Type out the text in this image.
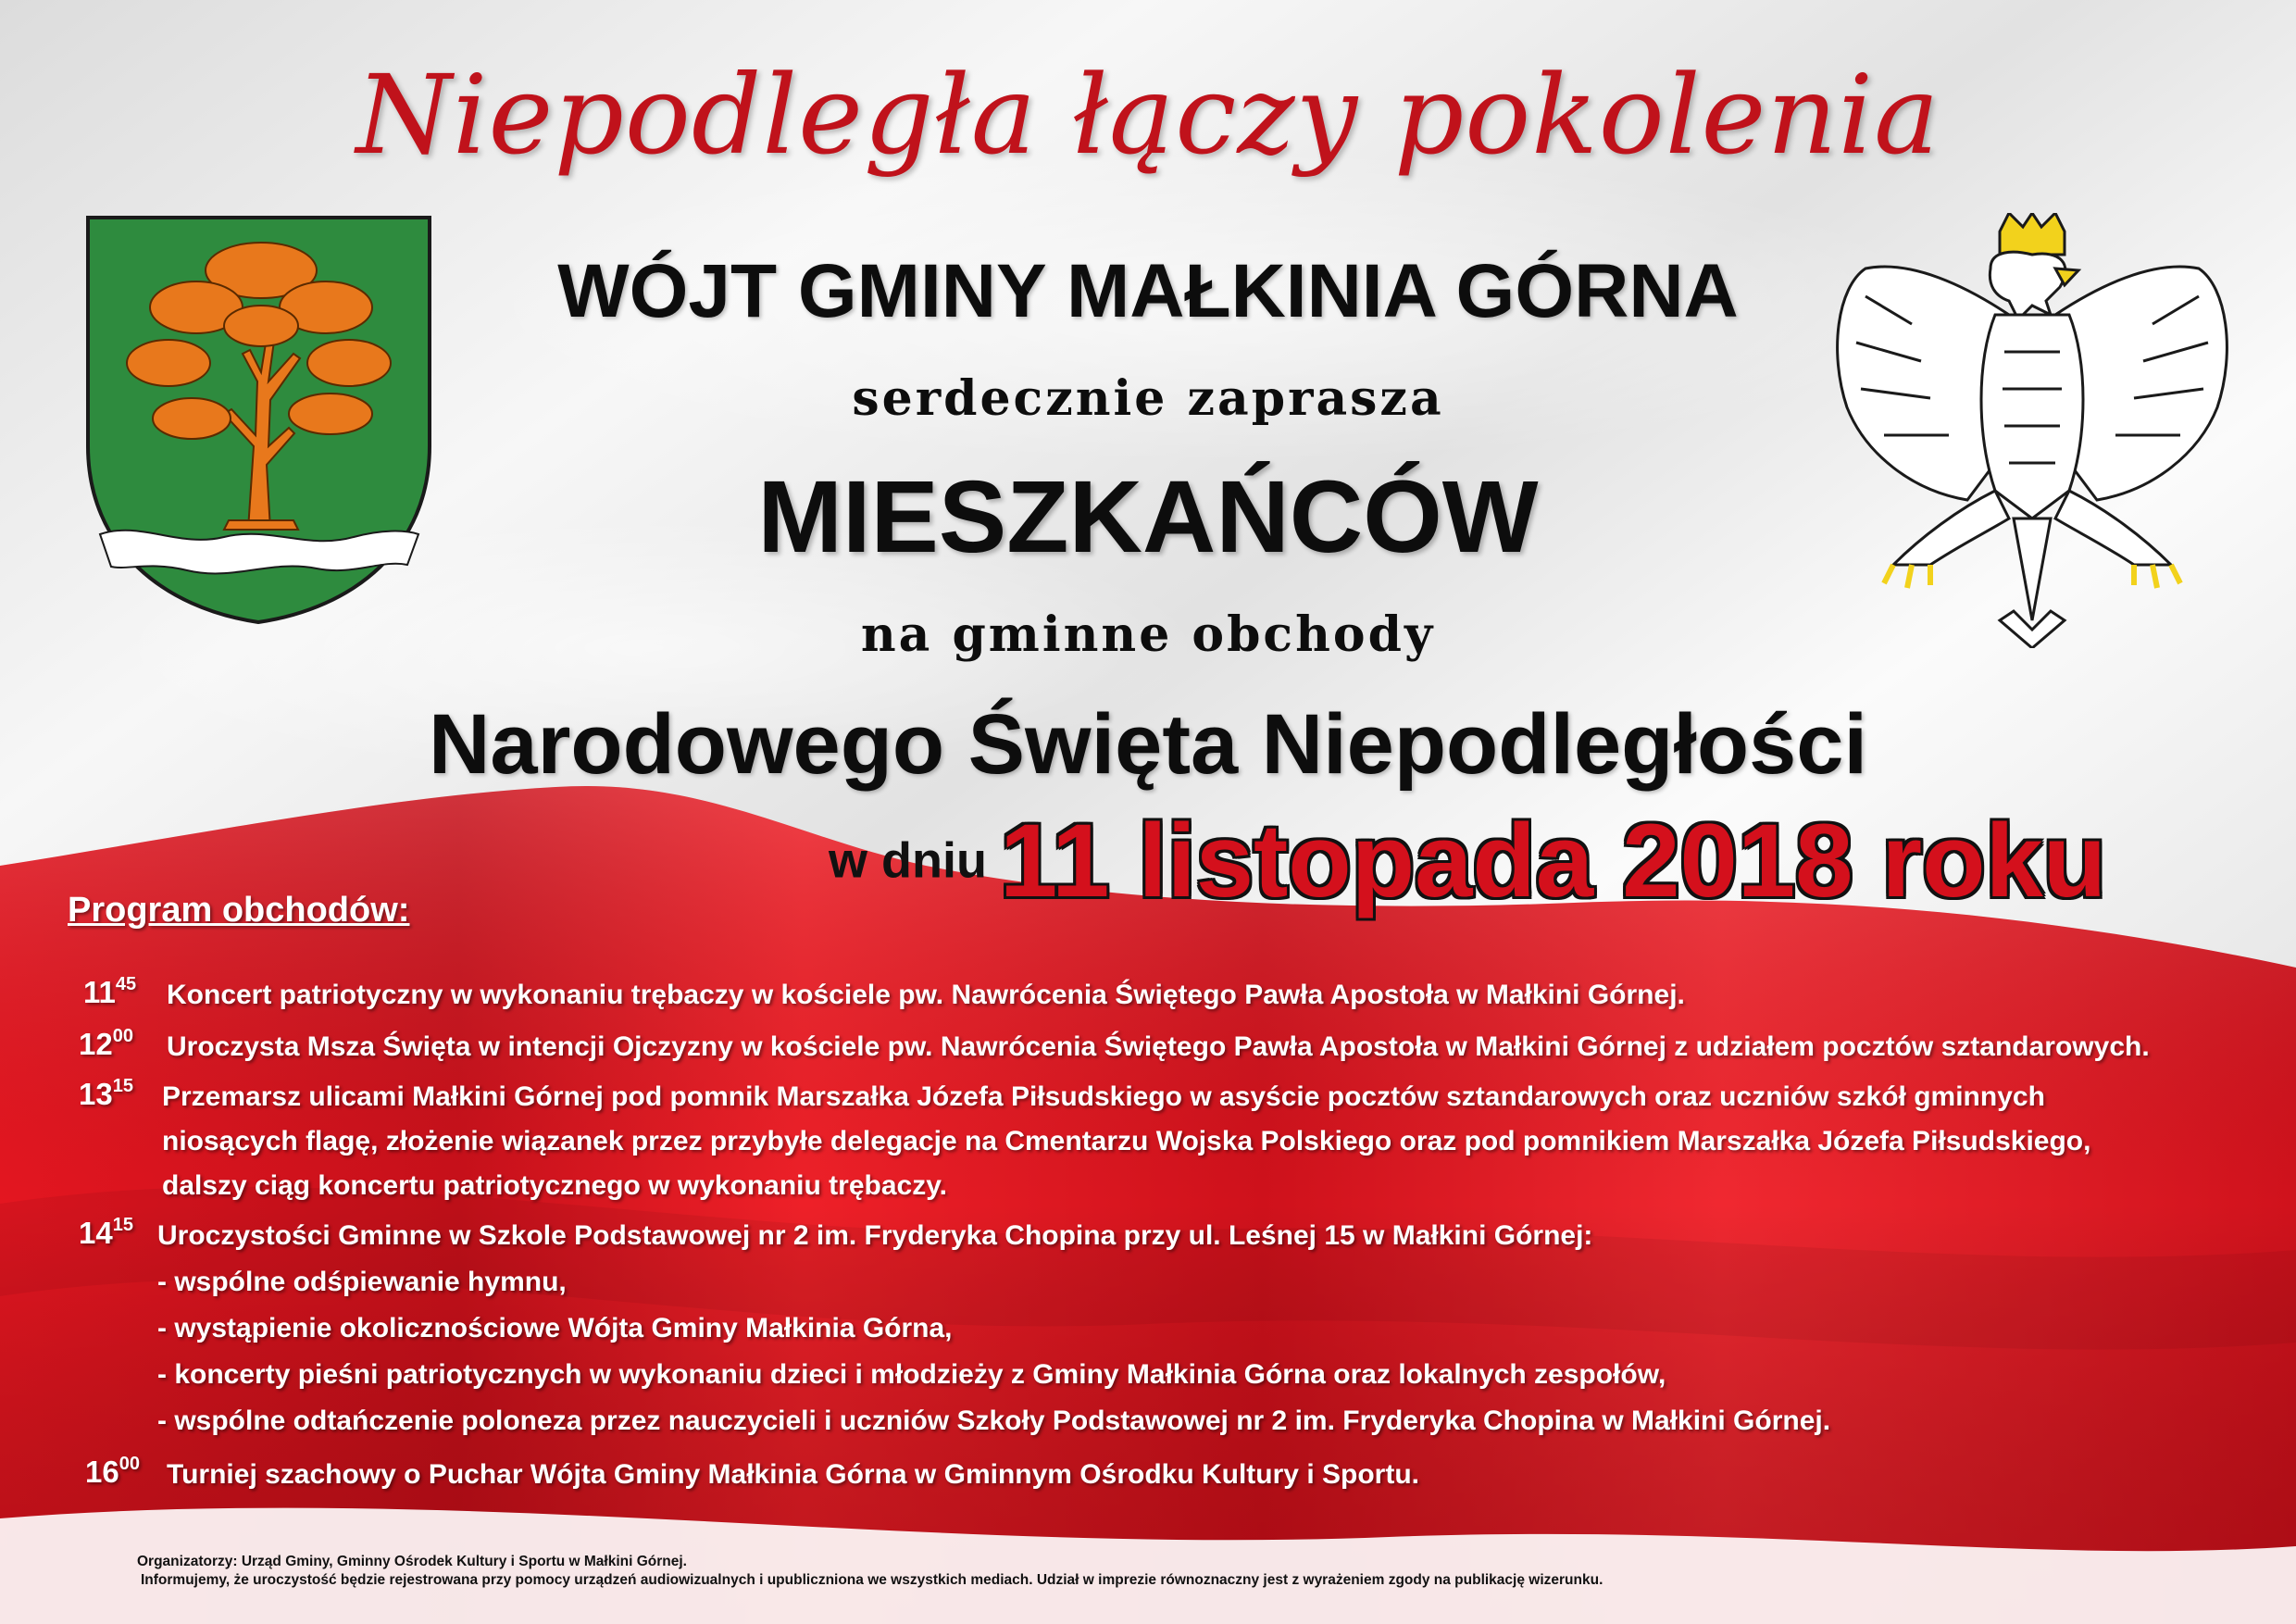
Niepodległa łączy pokolenia

WÓJT GMINY MAŁKINIA GÓRNA

serdecznie zaprasza

MIESZKAŃCÓW

na gminne obchody

Narodowego Święta Niepodległości

w dniu 11 listopada 2018 roku

Program obchodów:

$11^{45}$ Koncert patriotyczny w wykonaniu trębaczy w kościele pw. Nawrócenia Świętego Pawła Apostoła w Małkini Górnej.

$12^{00}$ Uroczysta Msza Święta w intencji Ojczyzny w kościele pw. Nawrócenia Świętego Pawła Apostoła w Małkini Górnej z udziałem pocztów sztandarowych.

$13^{15}$ Przemarsz ulicami Małkini Górnej pod pomnik Marszałka Józefa Piłsudskiego w asyście pocztów sztandarowych oraz uczniów szkół gminnych

niosących flagę, złożenie wiązanek przez przybyłe delegacje na Cmentarzu Wojska Polskiego oraz pod pomnikiem Marszałka Józefa Piłsudskiego,

dalszy ciąg koncertu patriotycznego w wykonaniu trębaczy.

$14^{15}$ Uroczystości Gminne w Szkole Podstawowej nr 2 im. Fryderyka Chopina przy ul. Leśnej 15 w Małkini Górnej:

- wspólne odśpiewanie hymnu,

- wystąpienie okolicznościowe Wójta Gminy Małkinia Górna,

- koncerty pieśni patriotycznych w wykonaniu dzieci i młodzieży z Gminy Małkinia Górna oraz lokalnych zespołów,

- wspólne odtańczenie poloneza przez nauczycieli i uczniów Szkoły Podstawowej nr 2 im. Fryderyka Chopina w Małkini Górnej.

$16^{00}$ Turniej szachowy o Puchar Wójta Gminy Małkinia Górna w Gminnym Ośrodku Kultury i Sportu.

Organizatorzy: Urząd Gminy, Gminny Ośrodek Kultury i Sportu w Małkini Górnej.

Informujemy, że uroczystość będzie rejestrowana przy pomocy urządzeń audiowizualnych i upubliczniona we wszystkich mediach. Udział w imprezie równoznaczny jest z wyrażeniem zgody na publikację wizerunku.
